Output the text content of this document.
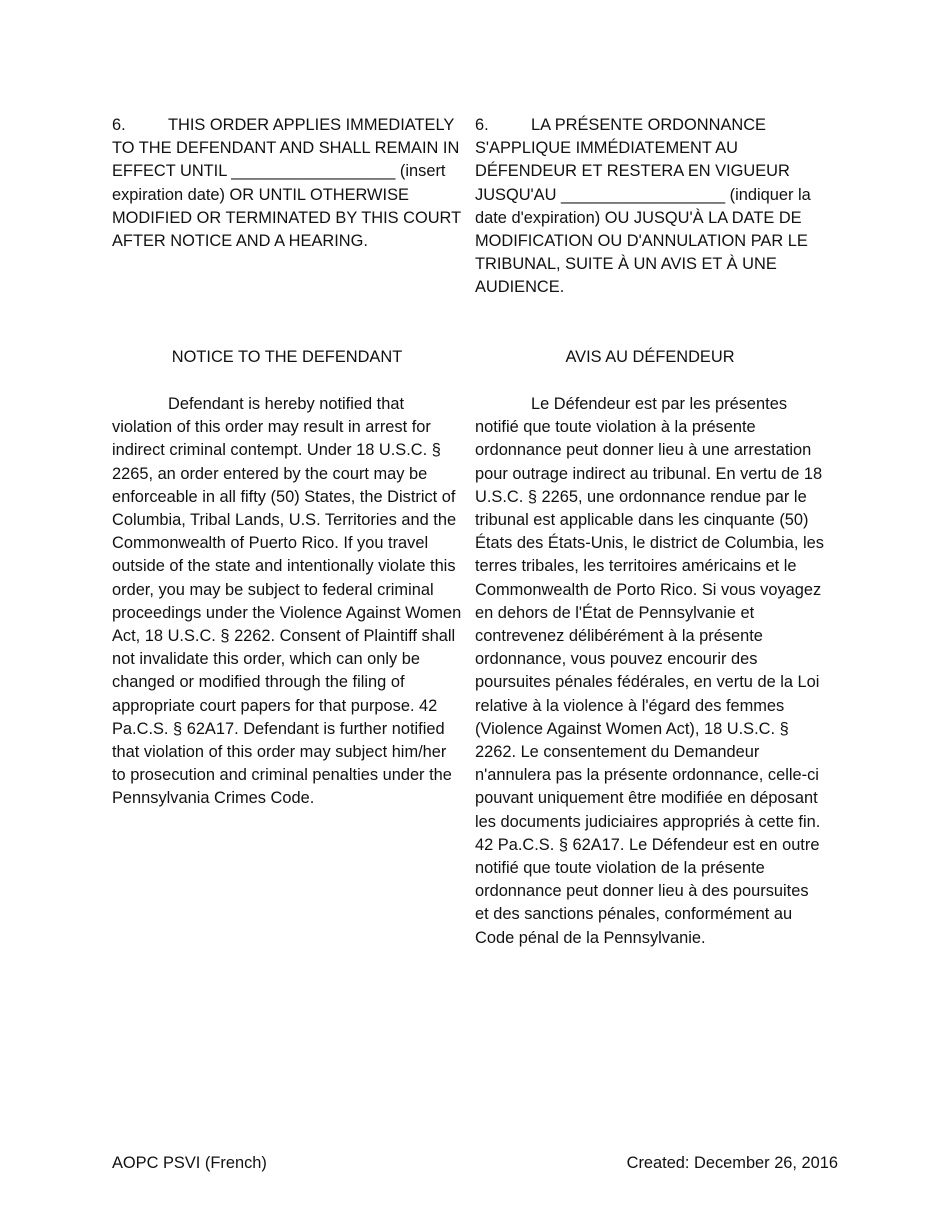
6.	THIS ORDER APPLIES IMMEDIATELY TO THE DEFENDANT AND SHALL REMAIN IN EFFECT UNTIL __________________ (insert expiration date) OR UNTIL OTHERWISE MODIFIED OR TERMINATED BY THIS COURT AFTER NOTICE AND A HEARING.

NOTICE TO THE DEFENDANT

Defendant is hereby notified that violation of this order may result in arrest for indirect criminal contempt. Under 18 U.S.C. § 2265, an order entered by the court may be enforceable in all fifty (50) States, the District of Columbia, Tribal Lands, U.S. Territories and the Commonwealth of Puerto Rico. If you travel outside of the state and intentionally violate this order, you may be subject to federal criminal proceedings under the Violence Against Women Act, 18 U.S.C. § 2262. Consent of Plaintiff shall not invalidate this order, which can only be changed or modified through the filing of appropriate court papers for that purpose. 42 Pa.C.S. § 62A17. Defendant is further notified that violation of this order may subject him/her to prosecution and criminal penalties under the Pennsylvania Crimes Code.

6.	LA PRÉSENTE ORDONNANCE S'APPLIQUE IMMÉDIATEMENT AU DÉFENDEUR ET RESTERA EN VIGUEUR JUSQU'AU __________________ (indiquer la date d'expiration) OU JUSQU'À LA DATE DE MODIFICATION OU D'ANNULATION PAR LE TRIBUNAL, SUITE À UN AVIS ET À UNE AUDIENCE.

AVIS AU DÉFENDEUR

Le Défendeur est par les présentes notifié que toute violation à la présente ordonnance peut donner lieu à une arrestation pour outrage indirect au tribunal. En vertu de 18 U.S.C. § 2265, une ordonnance rendue par le tribunal est applicable dans les cinquante (50) États des États-Unis, le district de Columbia, les terres tribales, les territoires américains et le Commonwealth de Porto Rico. Si vous voyagez en dehors de l'État de Pennsylvanie et contrevenez délibérément à la présente ordonnance, vous pouvez encourir des poursuites pénales fédérales, en vertu de la Loi relative à la violence à l'égard des femmes (Violence Against Women Act), 18 U.S.C. § 2262. Le consentement du Demandeur n'annulera pas la présente ordonnance, celle-ci pouvant uniquement être modifiée en déposant les documents judiciaires appropriés à cette fin. 42 Pa.C.S. § 62A17. Le Défendeur est en outre notifié que toute violation de la présente ordonnance peut donner lieu à des poursuites et des sanctions pénales, conformément au Code pénal de la Pennsylvanie.

AOPC PSVI (French)	Created: December 26, 2016
